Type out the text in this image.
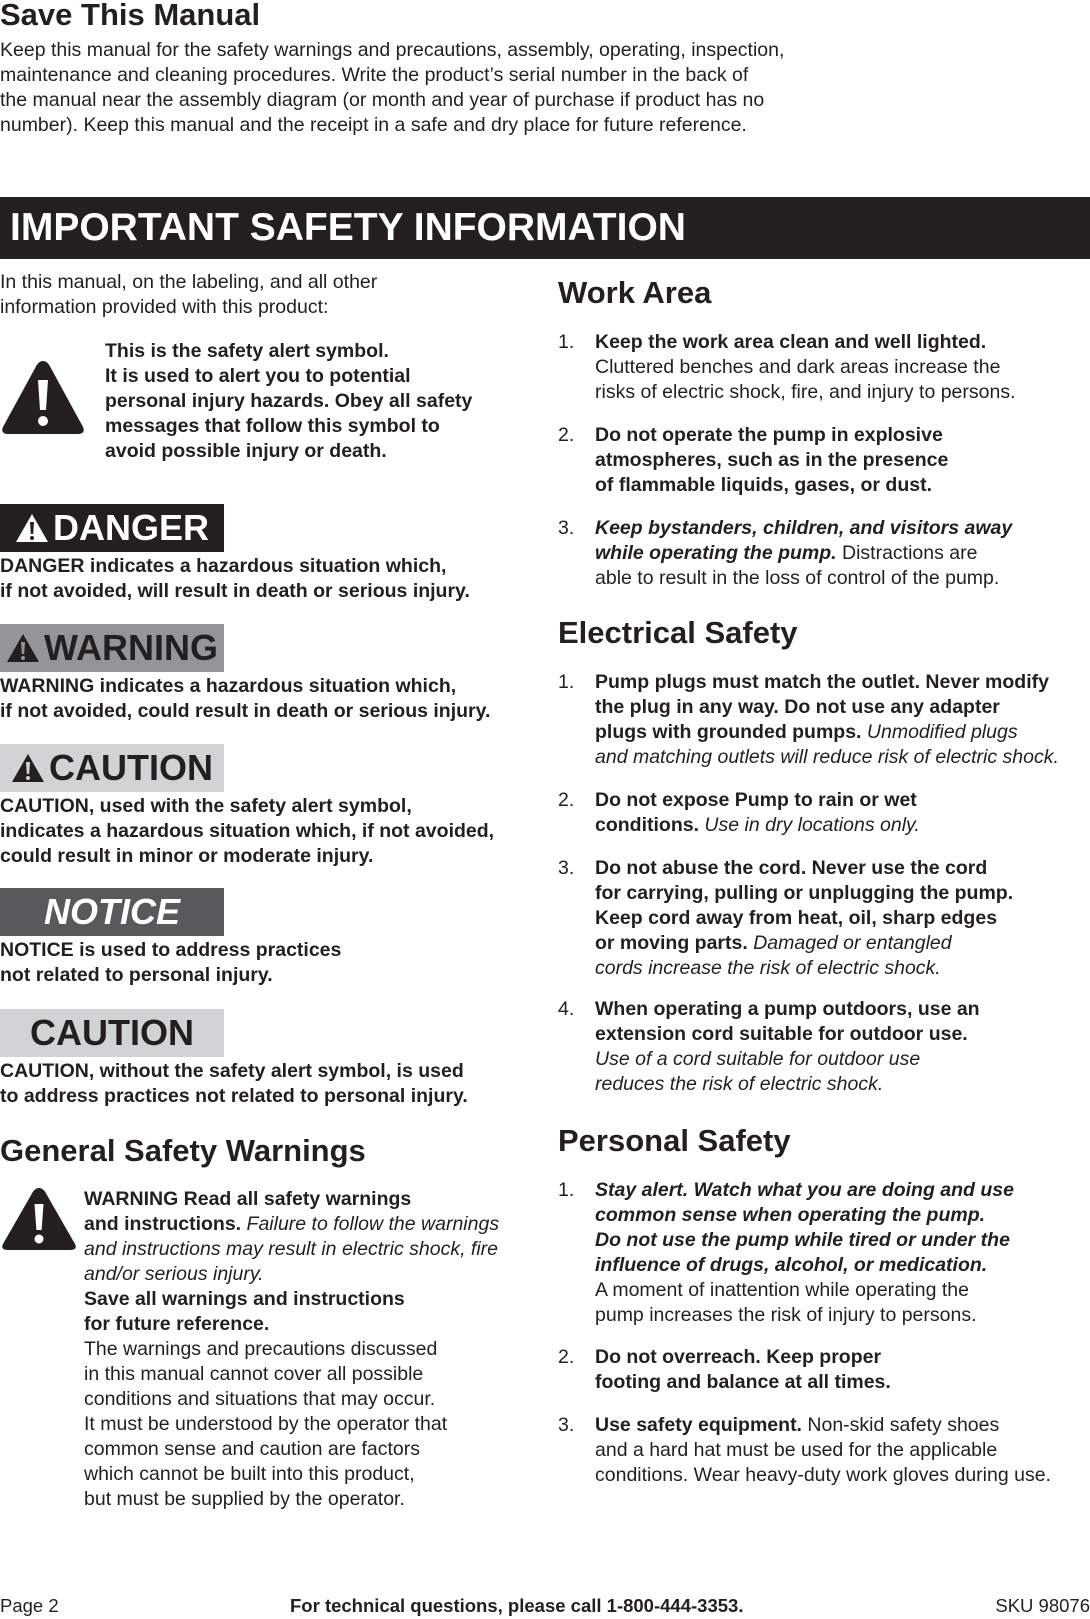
Save This Manual
Keep this manual for the safety warnings and precautions, assembly, operating, inspection,
maintenance and cleaning procedures. Write the product’s serial number in the back of
the manual near the assembly diagram (or month and year of purchase if product has no
number). Keep this manual and the receipt in a safe and dry place for future reference.
IMPORTANT SAFETY INFORMATION
In this manual, on the labeling, and all other
information provided with this product:
This is the safety alert symbol.
It is used to alert you to potential
personal injury hazards. Obey all safety
messages that follow this symbol to
avoid possible injury or death.
DANGER
DANGER indicates a hazardous situation which,
if not avoided, will result in death or serious injury.
WARNING
WARNING indicates a hazardous situation which,
if not avoided, could result in death or serious injury.
CAUTION
CAUTION, used with the safety alert symbol,
indicates a hazardous situation which, if not avoided,
could result in minor or moderate injury.
NOTICE
NOTICE is used to address practices
not related to personal injury.
CAUTION
CAUTION, without the safety alert symbol, is used
to address practices not related to personal injury.
General Safety Warnings
WARNING Read all safety warnings
and instructions. Failure to follow the warnings
and instructions may result in electric shock, fire
and/or serious injury.
Save all warnings and instructions
for future reference.
The warnings and precautions discussed
in this manual cannot cover all possible
conditions and situations that may occur.
It must be understood by the operator that
common sense and caution are factors
which cannot be built into this product,
but must be supplied by the operator.
Work Area
1. Keep the work area clean and well lighted.
Cluttered benches and dark areas increase the
risks of electric shock, fire, and injury to persons.
2. Do not operate the pump in explosive
atmospheres, such as in the presence
of flammable liquids, gases, or dust.
3. Keep bystanders, children, and visitors away
while operating the pump. Distractions are
able to result in the loss of control of the pump.
Electrical Safety
1. Pump plugs must match the outlet. Never modify
the plug in any way. Do not use any adapter
plugs with grounded pumps. Unmodified plugs
and matching outlets will reduce risk of electric shock.
2. Do not expose Pump to rain or wet
conditions. Use in dry locations only.
3. Do not abuse the cord. Never use the cord
for carrying, pulling or unplugging the pump.
Keep cord away from heat, oil, sharp edges
or moving parts. Damaged or entangled
cords increase the risk of electric shock.
4. When operating a pump outdoors, use an
extension cord suitable for outdoor use.
Use of a cord suitable for outdoor use
reduces the risk of electric shock.
Personal Safety
1. Stay alert. Watch what you are doing and use
common sense when operating the pump.
Do not use the pump while tired or under the
influence of drugs, alcohol, or medication.
A moment of inattention while operating the
pump increases the risk of injury to persons.
2. Do not overreach. Keep proper
footing and balance at all times.
3. Use safety equipment. Non-skid safety shoes
and a hard hat must be used for the applicable
conditions. Wear heavy-duty work gloves during use.
Page 2	For technical questions, please call 1-800-444-3353.	SKU 98076
